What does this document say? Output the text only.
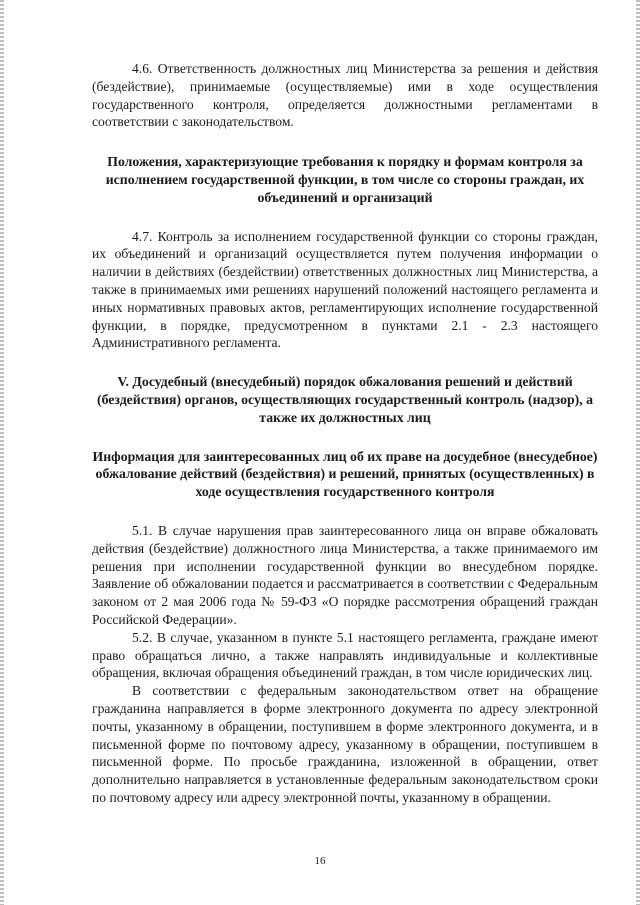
4.6. Ответственность должностных лиц Министерства за решения и действия (бездействие), принимаемые (осуществляемые) ими в ходе осуществления государственного контроля, определяется должностными регламентами в соответствии с законодательством.

Положения, характеризующие требования к порядку и формам контроля за исполнением государственной функции, в том числе со стороны граждан, их объединений и организаций

4.7. Контроль за исполнением государственной функции со стороны граждан, их объединений и организаций осуществляется путем получения информации о наличии в действиях (бездействии) ответственных должностных лиц Министерства, а также в принимаемых ими решениях нарушений положений настоящего регламента и иных нормативных правовых актов, регламентирующих исполнение государственной функции, в порядке, предусмотренном в пунктами 2.1 - 2.3 настоящего Административного регламента.

V. Досудебный (внесудебный) порядок обжалования решений и действий (бездействия) органов, осуществляющих государственный контроль (надзор), а также их должностных лиц

Информация для заинтересованных лиц об их праве на досудебное (внесудебное) обжалование действий (бездействия) и решений, принятых (осуществленных) в ходе осуществления государственного контроля

5.1. В случае нарушения прав заинтересованного лица он вправе обжаловать действия (бездействие) должностного лица Министерства, а также принимаемого им решения при исполнении государственной функции во внесудебном порядке. Заявление об обжаловании подается и рассматривается в соответствии с Федеральным законом от 2 мая 2006 года № 59-ФЗ «О порядке рассмотрения обращений граждан Российской Федерации».

5.2. В случае, указанном в пункте 5.1 настоящего регламента, граждане имеют право обращаться лично, а также направлять индивидуальные и коллективные обращения, включая обращения объединений граждан, в том числе юридических лиц.

В соответствии с федеральным законодательством ответ на обращение гражданина направляется в форме электронного документа по адресу электронной почты, указанному в обращении, поступившем в форме электронного документа, и в письменной форме по почтовому адресу, указанному в обращении, поступившем в письменной форме. По просьбе гражданина, изложенной в обращении, ответ дополнительно направляется в установленные федеральным законодательством сроки по почтовому адресу или адресу электронной почты, указанному в обращении.

16
